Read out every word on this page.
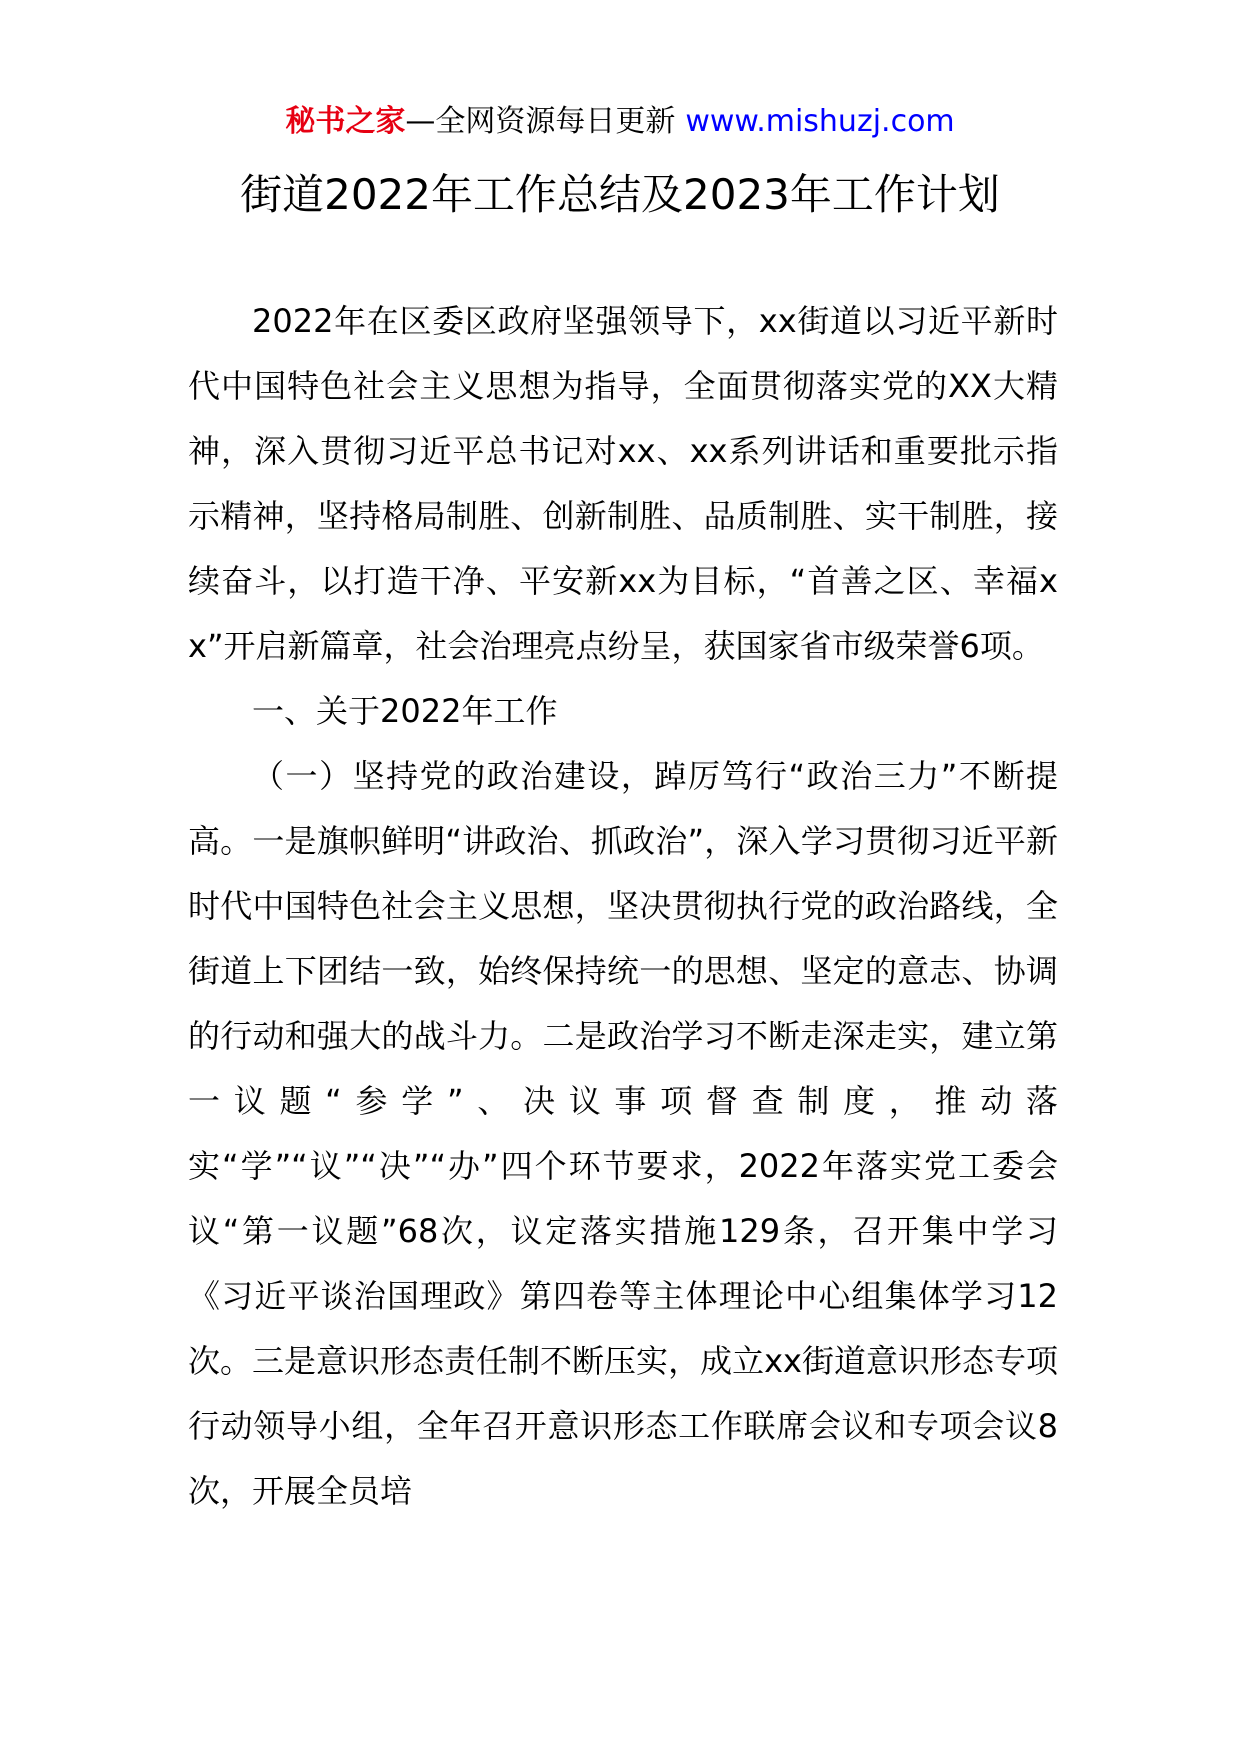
秘书之家—全网资源每日更新 www.mishuzj.com
街道2022年工作总结及2023年工作计划

2022年在区委区政府坚强领导下，xx街道以习近平新时代中国特色社会主义思想为指导，全面贯彻落实党的XX大精神，深入贯彻习近平总书记对xx、xx系列讲话和重要批示指示精神，坚持格局制胜、创新制胜、品质制胜、实干制胜，接续奋斗，以打造干净、平安新xx为目标，“首善之区、幸福xx”开启新篇章，社会治理亮点纷呈，获国家省市级荣誉6项。

一、关于2022年工作

（一）坚持党的政治建设，踔厉笃行“政治三力”不断提高。一是旗帜鲜明“讲政治、抓政治”，深入学习贯彻习近平新时代中国特色社会主义思想，坚决贯彻执行党的政治路线，全街道上下团结一致，始终保持统一的思想、坚定的意志、协调的行动和强大的战斗力。二是政治学习不断走深走实，建立第一议题“参学”、决议事项督查制度，推动落实“学”“议”“决”“办”四个环节要求，2022年落实党工委会议“第一议题”68次，议定落实措施129条，召开集中学习《习近平谈治国理政》第四卷等主体理论中心组集体学习12次。三是意识形态责任制不断压实，成立xx街道意识形态专项行动领导小组，全年召开意识形态工作联席会议和专项会议8次，开展全员培
